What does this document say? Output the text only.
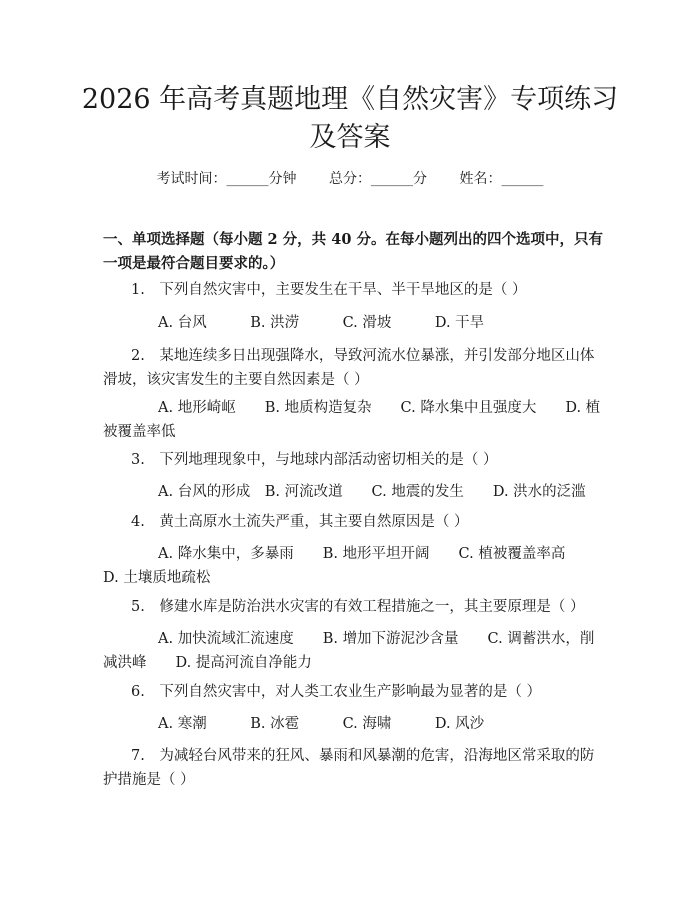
2026 年高考真题地理《自然灾害》专项练习
及答案
考试时间：______分钟 总分：______分 姓名：______
一、单项选择题（每小题 2 分，共 40 分。在每小题列出的四个选项中，只有一项是最符合题目要求的。）
1.　下列自然灾害中，主要发生在干旱、半干旱地区的是（ ）
A. 台风　　　B. 洪涝　　　C. 滑坡　　　D. 干旱
2.　某地连续多日出现强降水，导致河流水位暴涨，并引发部分地区山体滑坡，该灾害发生的主要自然因素是（ ）
A. 地形崎岖　　B. 地质构造复杂　　C. 降水集中且强度大　　D. 植被覆盖率低
3.　下列地理现象中，与地球内部活动密切相关的是（ ）
A. 台风的形成　B. 河流改道　　C. 地震的发生　　D. 洪水的泛滥
4.　黄土高原水土流失严重，其主要自然原因是（ ）
A. 降水集中，多暴雨　　B. 地形平坦开阔　　C. 植被覆盖率高　　D. 土壤质地疏松
5.　修建水库是防治洪水灾害的有效工程措施之一，其主要原理是（ ）
A. 加快流域汇流速度　　B. 增加下游泥沙含量　　C. 调蓄洪水，削减洪峰　　D. 提高河流自净能力
6.　下列自然灾害中，对人类工农业生产影响最为显著的是（ ）
A. 寒潮　　　B. 冰雹　　　C. 海啸　　　D. 风沙
7.　为减轻台风带来的狂风、暴雨和风暴潮的危害，沿海地区常采取的防护措施是（ ）
